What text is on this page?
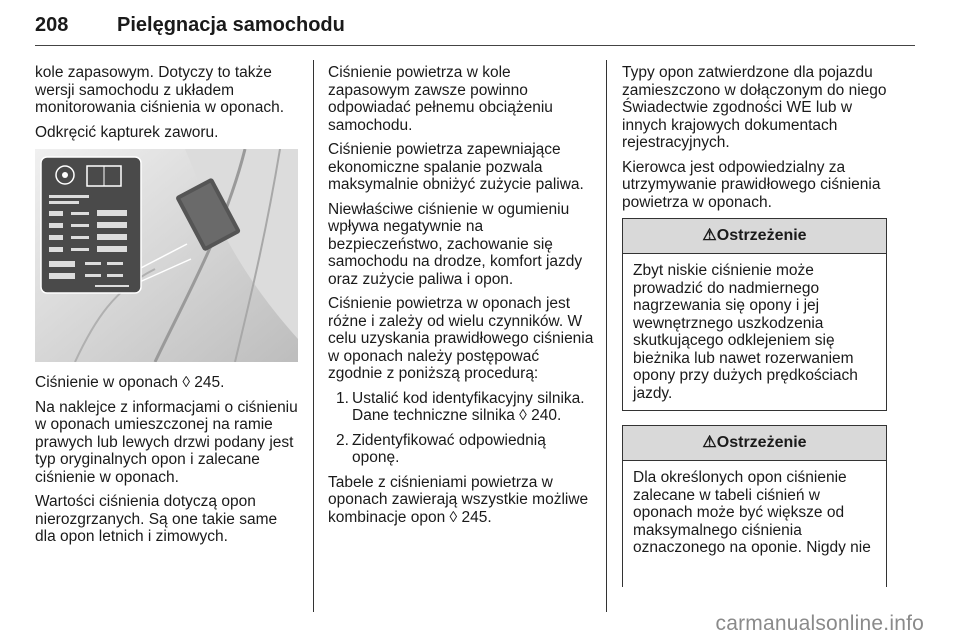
208 Pielęgnacja samochodu

kole zapasowym. Dotyczy to także wersji samochodu z układem monitorowania ciśnienia w oponach.

Odkręcić kapturek zaworu.

Ciśnienie w oponach ◊ 245.

Na naklejce z informacjami o ciśnieniu w oponach umieszczonej na ramie prawych lub lewych drzwi podany jest typ oryginalnych opon i zalecane ciśnienie w oponach.

Wartości ciśnienia dotyczą opon nierozgrzanych. Są one takie same dla opon letnich i zimowych.

Ciśnienie powietrza w kole zapasowym zawsze powinno odpowiadać pełnemu obciążeniu samochodu.

Ciśnienie powietrza zapewniające ekonomiczne spalanie pozwala maksymalnie obniżyć zużycie paliwa.

Niewłaściwe ciśnienie w ogumieniu wpływa negatywnie na bezpieczeństwo, zachowanie się samochodu na drodze, komfort jazdy oraz zużycie paliwa i opon.

Ciśnienie powietrza w oponach jest różne i zależy od wielu czynników. W celu uzyskania prawidłowego ciśnienia w oponach należy postępować zgodnie z poniższą procedurą:

1. Ustalić kod identyfikacyjny silnika. Dane techniczne silnika ◊ 240.
2. Zidentyfikować odpowiednią oponę.

Tabele z ciśnieniami powietrza w oponach zawierają wszystkie możliwe kombinacje opon ◊ 245.

Typy opon zatwierdzone dla pojazdu zamieszczono w dołączonym do niego Świadectwie zgodności WE lub w innych krajowych dokumentach rejestracyjnych.

Kierowca jest odpowiedzialny za utrzymywanie prawidłowego ciśnienia powietrza w oponach.

⚠Ostrzeżenie
Zbyt niskie ciśnienie może prowadzić do nadmiernego nagrzewania się opony i jej wewnętrznego uszkodzenia skutkującego odklejeniem się bieżnika lub nawet rozerwaniem opony przy dużych prędkościach jazdy.
⚠Ostrzeżenie
Dla określonych opon ciśnienie zalecane w tabeli ciśnień w oponach może być większe od maksymalnego ciśnienia oznaczonego na oponie. Nigdy nie
carmanualsonline.info
